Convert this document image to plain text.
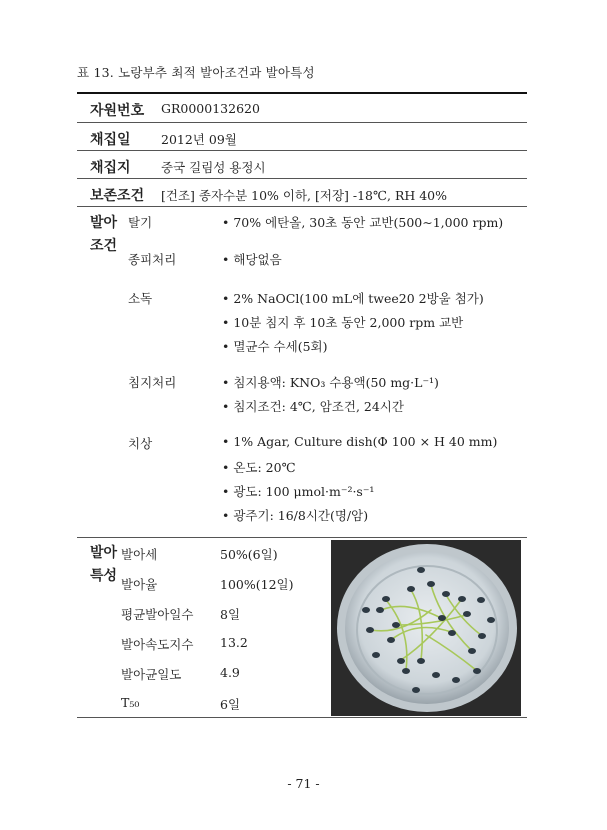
표 13. 노랑부추 최적 발아조건과 발아특성
자원번호 GR0000132620
채집일 2012년 09월
채집지 중국 길림성 용정시
보존조건 [건조] 종자수분 10% 이하, [저장] -18℃, RH 40%
발아
조건
탈기	• 70% 에탄올, 30초 동안 교반(500∼1,000 rpm)
종피처리	• 해당없음
소독	• 2% NaOCl(100 mL에 twee20 2방울 첨가)
• 10분 침지 후 10초 동안 2,000 rpm 교반
• 멸균수 수세(5회)
침지처리	• 침지용액: KNO₃ 수용액(50 mg·L⁻¹)
• 침지조건: 4℃, 암조건, 24시간
치상	• 1% Agar, Culture dish(Φ 100 × H 40 mm)
• 온도: 20℃
• 광도: 100 μmol·m⁻²·s⁻¹
• 광주기: 16/8시간(명/암)
발아
특성
발아세	50%(6일)
발아율	100%(12일)
평균발아일수 8일
발아속도지수 13.2
발아균일도	4.9
T₅₀	6일
- 71 -
